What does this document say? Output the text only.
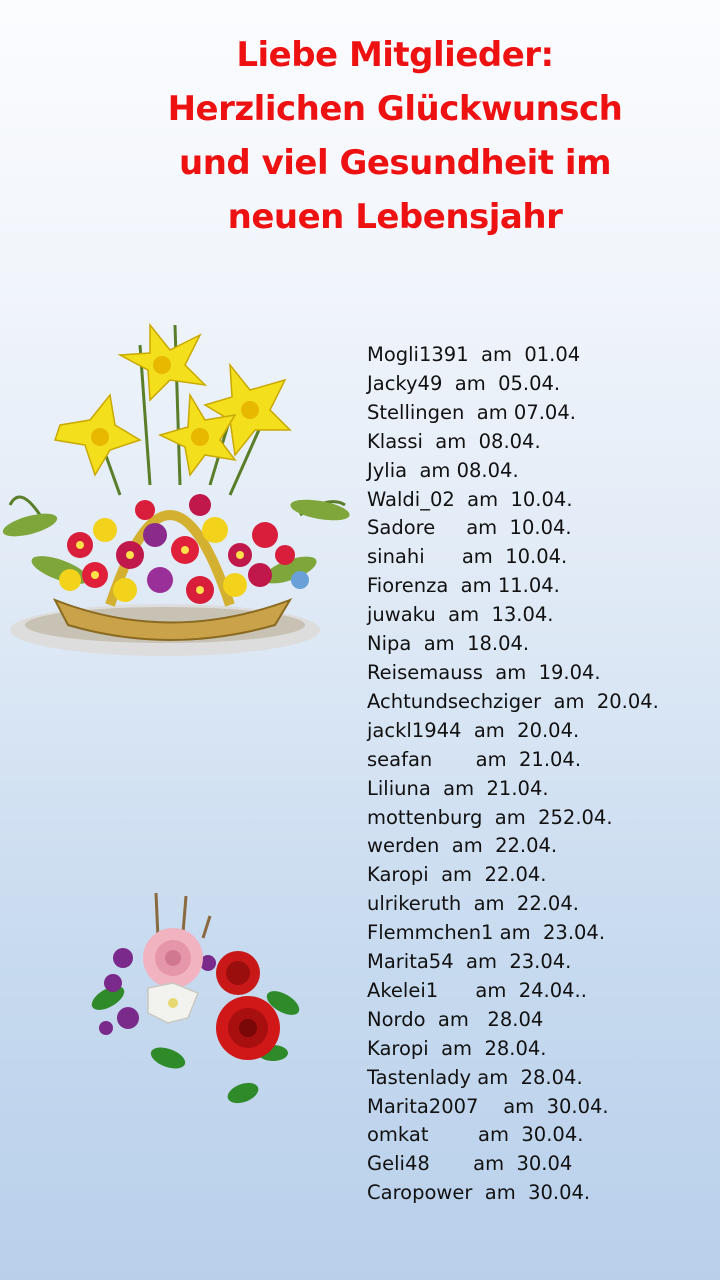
Liebe Mitglieder:
Herzlichen Glückwunsch
und viel Gesundheit im
neuen Lebensjahr
Mogli1391  am  01.04
Jacky49  am  05.04.
Stellingen  am 07.04.
Klassi  am  08.04.
Jylia  am 08.04.
Waldi_02  am  10.04.
Sadore     am  10.04.
sinahi      am  10.04.
Fiorenza  am 11.04.
juwaku  am  13.04.
Nipa  am  18.04.
Reisemauss  am  19.04.
Achtundsechziger  am  20.04.
jackl1944  am  20.04.
seafan       am  21.04.
Liliuna  am  21.04.
mottenburg  am  252.04.
werden  am  22.04.
Karopi  am  22.04.
ulrikeruth  am  22.04.
Flemmchen1 am  23.04.
Marita54  am  23.04.
Akelei1      am  24.04..
Nordo  am   28.04
Karopi  am  28.04.
Tastenlady am  28.04.
Marita2007    am  30.04.
omkat        am  30.04.
Geli48       am  30.04
Caropower  am  30.04.
